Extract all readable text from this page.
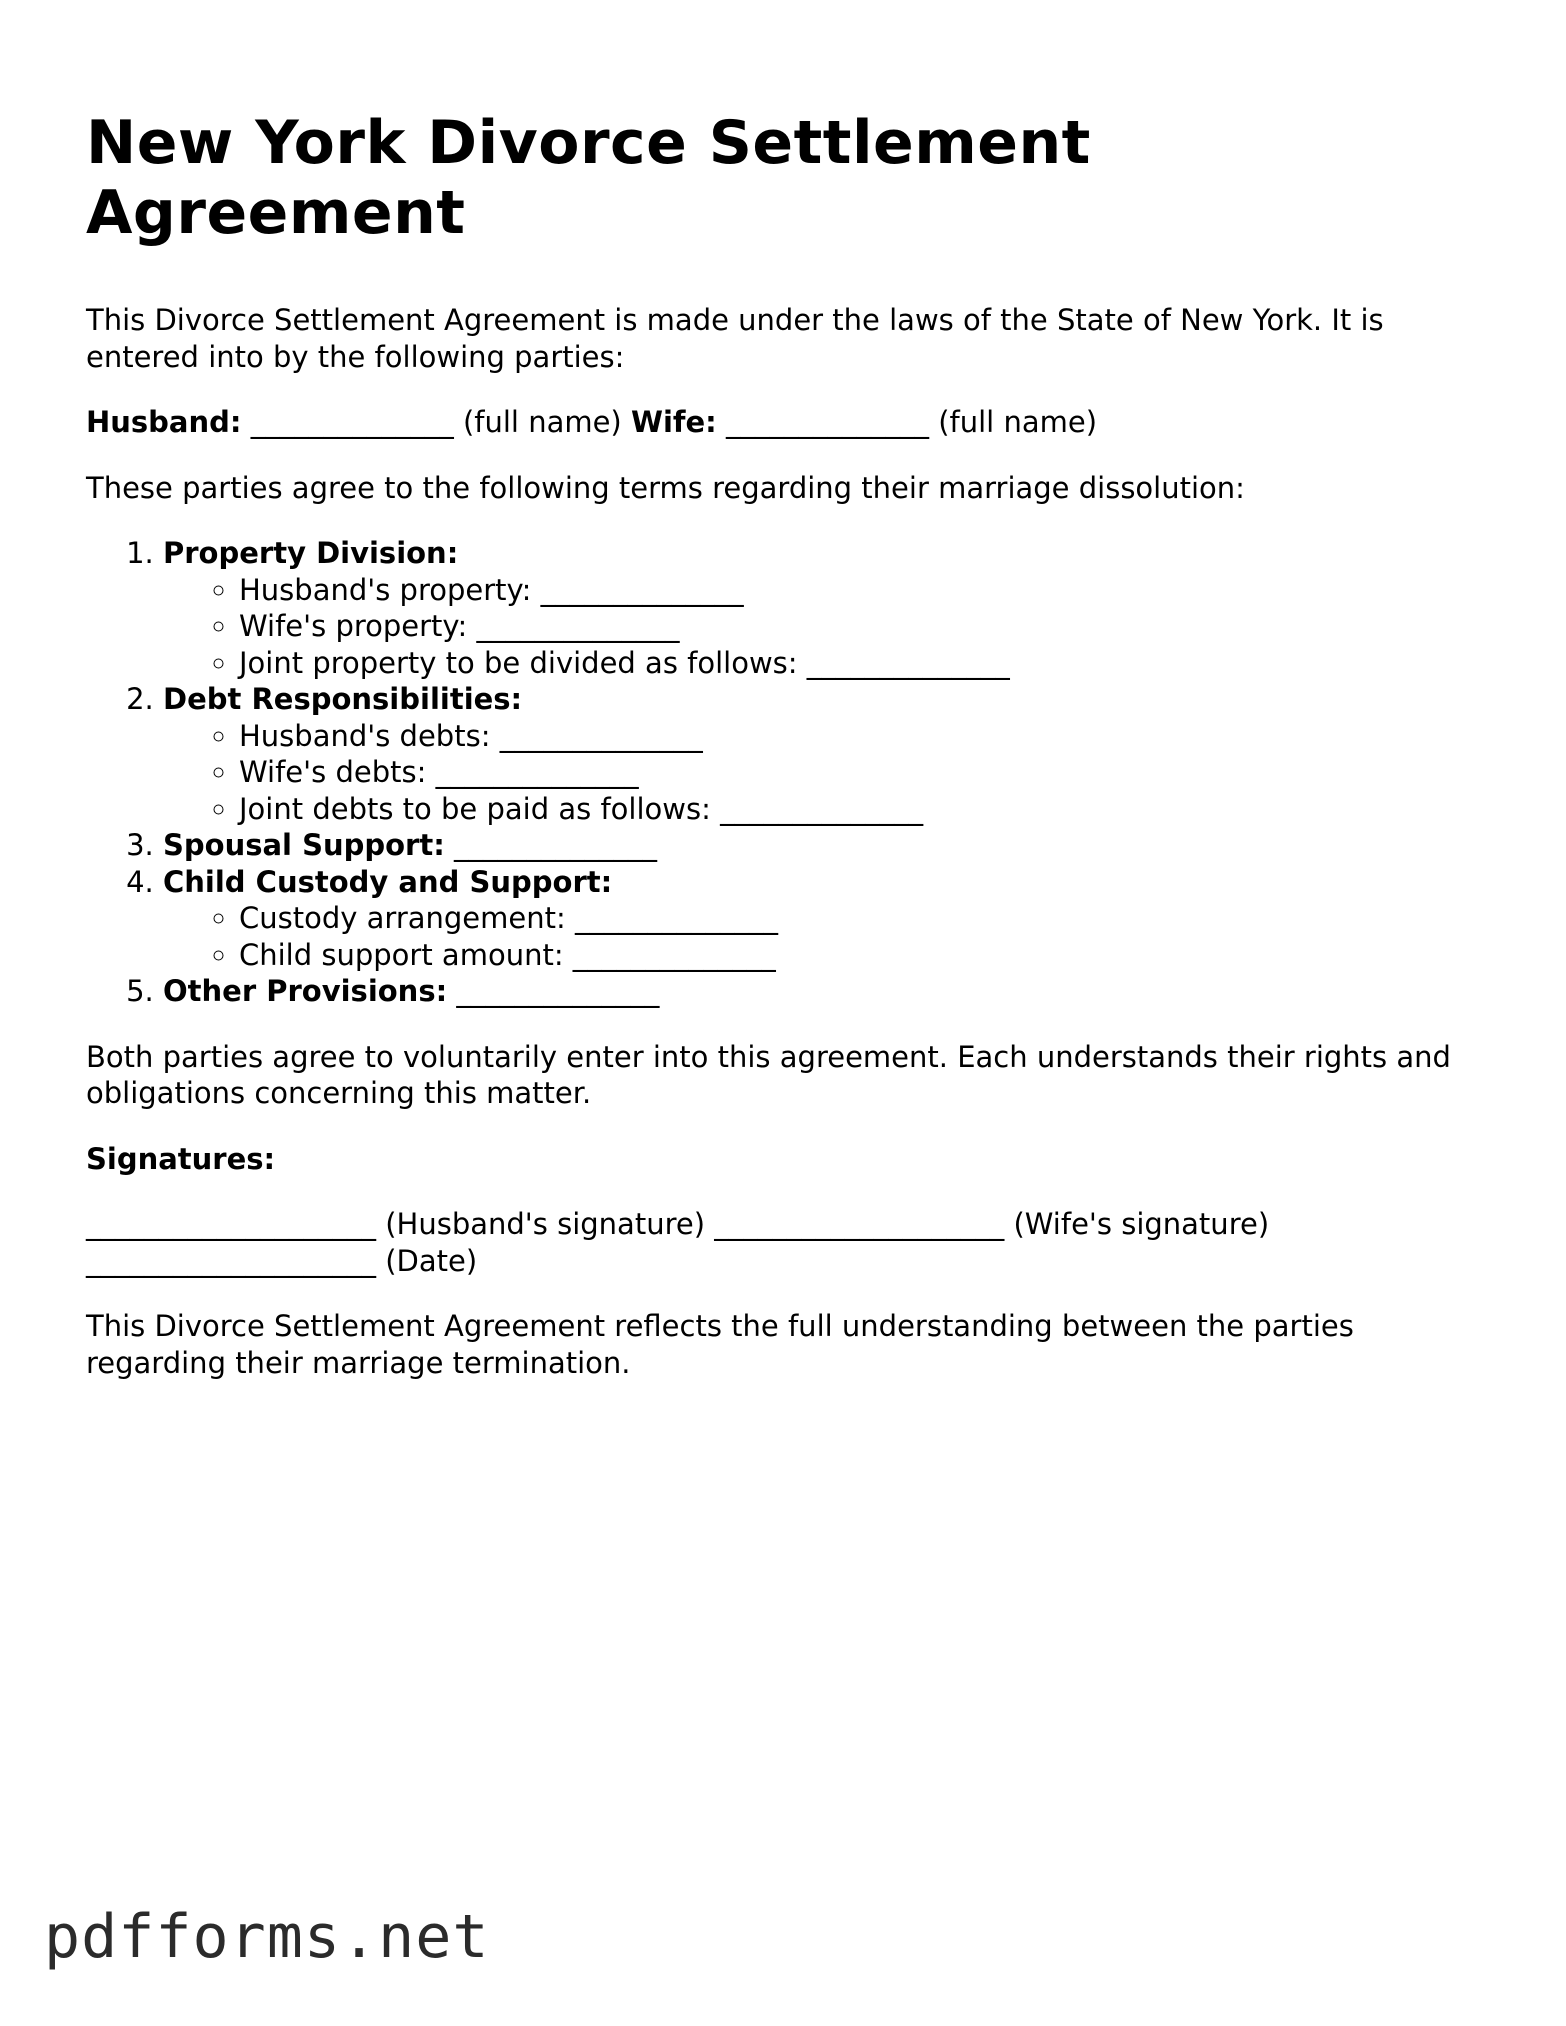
New York Divorce Settlement Agreement

This Divorce Settlement Agreement is made under the laws of the State of New York. It is entered into by the following parties:

Husband: ______________ (full name) Wife: ______________ (full name)

These parties agree to the following terms regarding their marriage dissolution:

1. Property Division:
◦ Husband's property: ______________
◦ Wife's property: ______________
◦ Joint property to be divided as follows: ______________
2. Debt Responsibilities:
◦ Husband's debts: ______________
◦ Wife's debts: ______________
◦ Joint debts to be paid as follows: ______________
3. Spousal Support: ______________
4. Child Custody and Support:
◦ Custody arrangement: ______________
◦ Child support amount: ______________
5. Other Provisions: ______________

Both parties agree to voluntarily enter into this agreement. Each understands their rights and obligations concerning this matter.

Signatures:

____________________ (Husband's signature) ____________________ (Wife's signature) ____________________ (Date)

This Divorce Settlement Agreement reflects the full understanding between the parties regarding their marriage termination.

pdfforms.net
